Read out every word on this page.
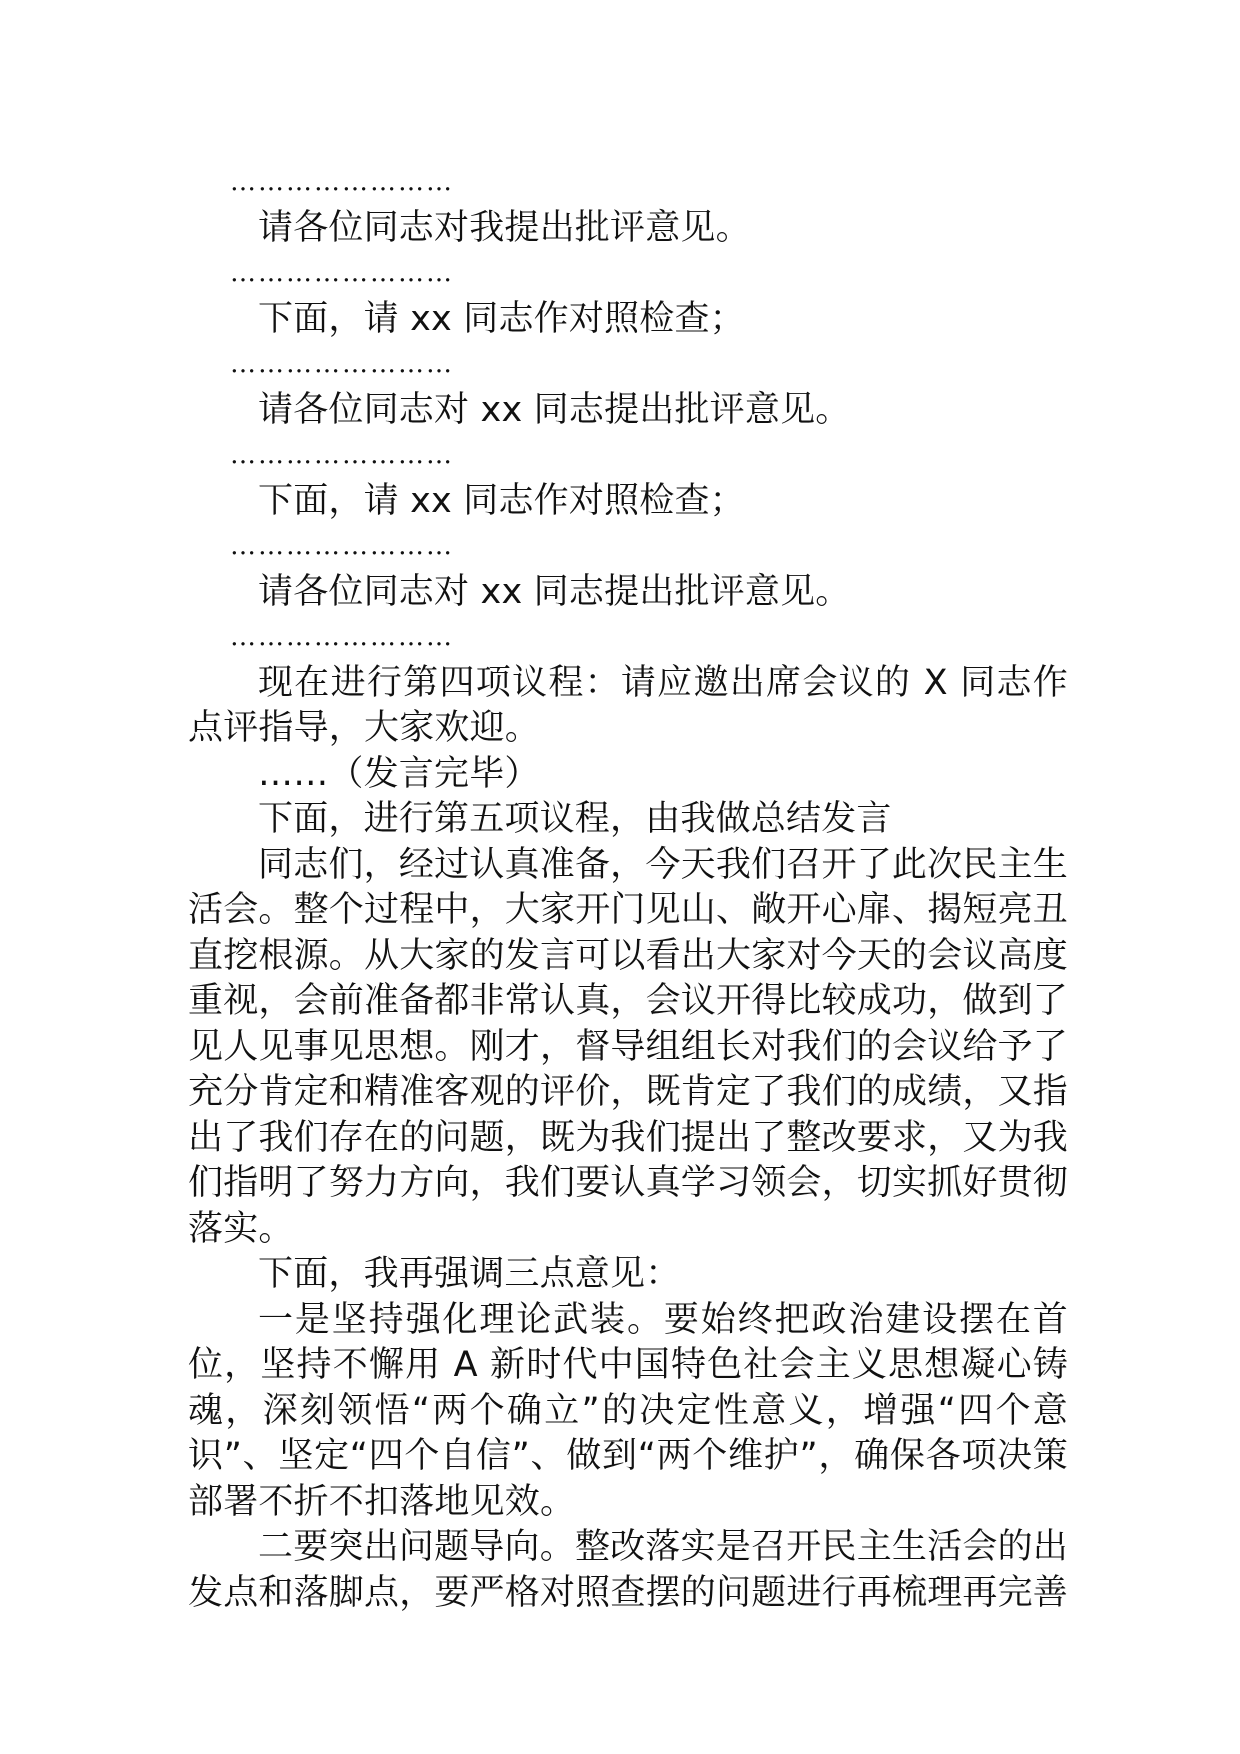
……………………

请各位同志对我提出批评意见。

……………………

下面，请 xx 同志作对照检查；

……………………

请各位同志对 xx 同志提出批评意见。

……………………

下面，请 xx 同志作对照检查；

……………………

请各位同志对 xx 同志提出批评意见。

……………………

现在进行第四项议程：请应邀出席会议的 X 同志作点评指导，大家欢迎。

……（发言完毕）

下面，进行第五项议程，由我做总结发言

同志们，经过认真准备，今天我们召开了此次民主生活会。整个过程中，大家开门见山、敞开心扉、揭短亮丑直挖根源。从大家的发言可以看出大家对今天的会议高度重视，会前准备都非常认真，会议开得比较成功，做到了见人见事见思想。刚才，督导组组长对我们的会议给予了充分肯定和精准客观的评价，既肯定了我们的成绩，又指出了我们存在的问题，既为我们提出了整改要求，又为我们指明了努力方向，我们要认真学习领会，切实抓好贯彻落实。

下面，我再强调三点意见：

一是坚持强化理论武装。要始终把政治建设摆在首位，坚持不懈用 A 新时代中国特色社会主义思想凝心铸魂，深刻领悟“两个确立”的决定性意义，增强“四个意识”、坚定“四个自信”、做到“两个维护”，确保各项决策部署不折不扣落地见效。

二要突出问题导向。整改落实是召开民主生活会的出发点和落脚点，要严格对照查摆的问题进行再梳理再完善
